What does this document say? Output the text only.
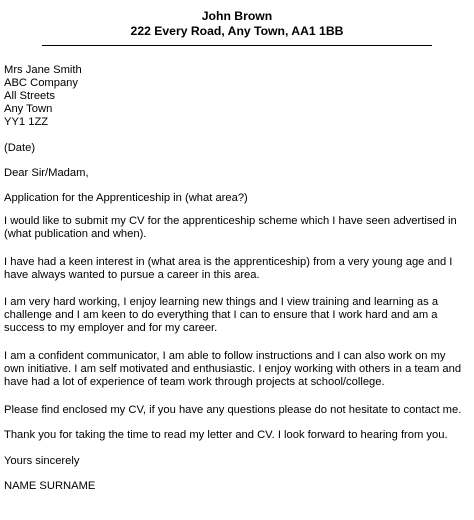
John Brown
222 Every Road, Any Town, AA1 1BB
Mrs Jane Smith
ABC Company
All Streets
Any Town
YY1 1ZZ
(Date)
Dear Sir/Madam,
Application for the Apprenticeship in (what area?)
I would like to submit my CV for the apprenticeship scheme which I have seen advertised in (what publication and when).
I have had a keen interest in (what area is the apprenticeship) from a very young age and I have always wanted to pursue a career in this area.
I am very hard working, I enjoy learning new things and I view training and learning as a challenge and I am keen to do everything that I can to ensure that I work hard and am a success to my employer and for my career.
I am a confident communicator, I am able to follow instructions and I can also work on my own initiative. I am self motivated and enthusiastic. I enjoy working with others in a team and have had a lot of experience of team work through projects at school/college.
Please find enclosed my CV, if you have any questions please do not hesitate to contact me.
Thank you for taking the time to read my letter and CV. I look forward to hearing from you.
Yours sincerely
NAME SURNAME
